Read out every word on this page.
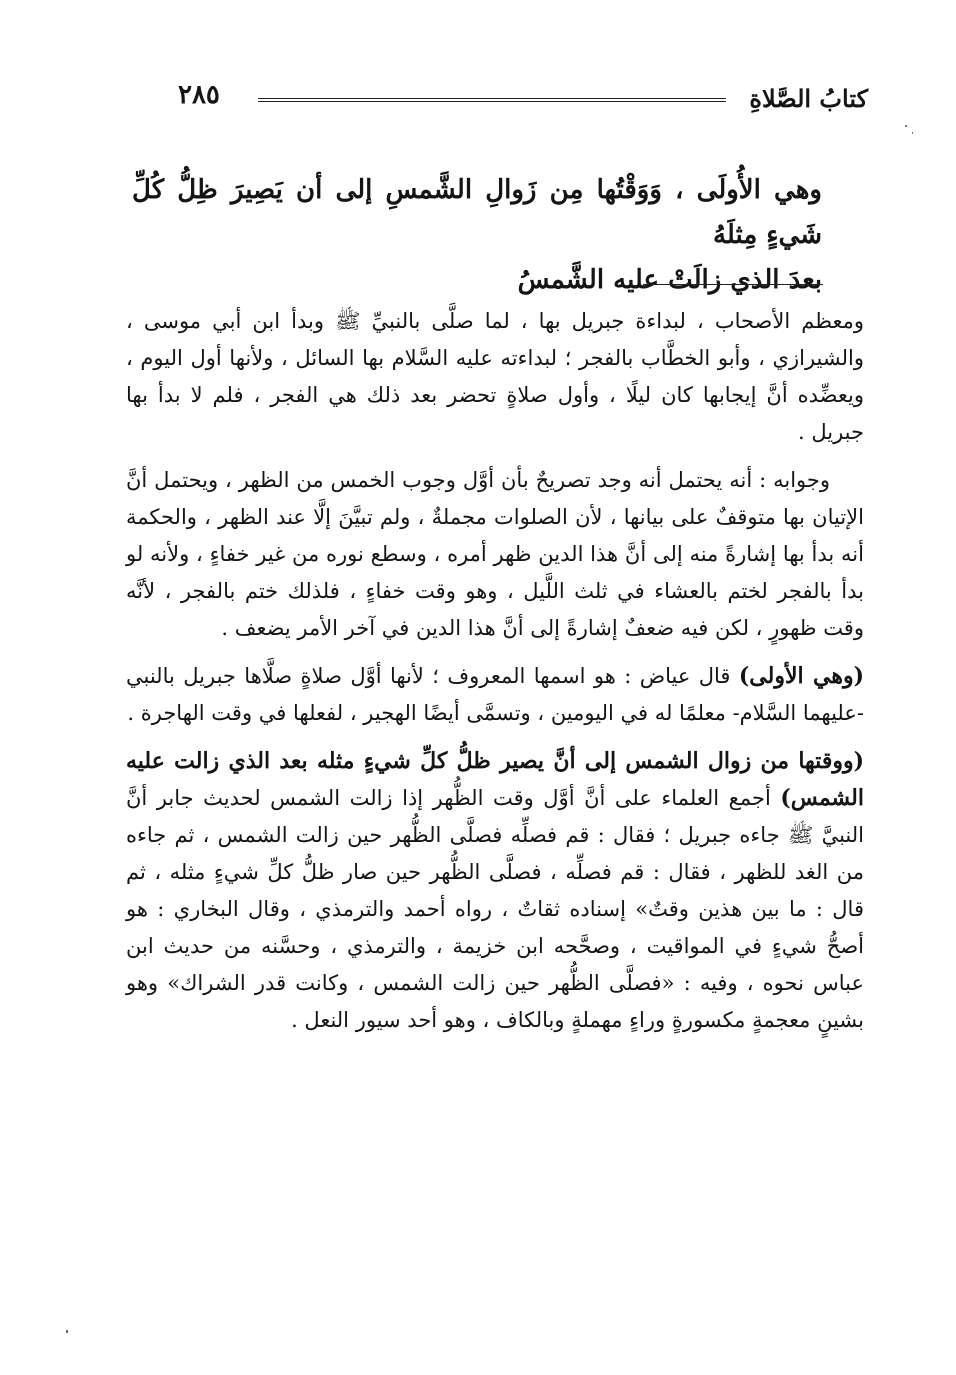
كتابُ الصَّلاةِ
٢٨٥

وهي الأُولَى ، وَوَقْتُها مِن زَوالِ الشَّمسِ إلى أن يَصِيرَ ظِلُّ كُلِّ شَيءٍ مِثلَهُ

بعدَ الذي زالَتْ عليه الشَّمسُ

ومعظم الأصحاب ، لبداءة جبريل بها ، لما صلَّى بالنبيِّ ﷺ وبدأ ابن أبي موسى ، والشيرازي ، وأبو الخطَّاب بالفجر ؛ لبداءته عليه السَّلام بها السائل ، ولأنها أول اليوم ، ويعضِّده أنَّ إيجابها كان ليلًا ، وأول صلاةٍ تحضر بعد ذلك هي الفجر ، فلم لا بدأ بها جبريل .

وجوابه : أنه يحتمل أنه وجد تصريحٌ بأن أوَّل وجوب الخمس من الظهر ، ويحتمل أنَّ الإتيان بها متوقفٌ على بيانها ، لأن الصلوات مجملةٌ ، ولم تبيَّنَ إلَّا عند الظهر ، والحكمة أنه بدأ بها إشارةً منه إلى أنَّ هذا الدين ظهر أمره ، وسطع نوره من غير خفاءٍ ، ولأنه لو بدأ بالفجر لختم بالعشاء في ثلث اللَّيل ، وهو وقت خفاءٍ ، فلذلك ختم بالفجر ، لأنَّه وقت ظهورٍ ، لكن فيه ضعفٌ إشارةً إلى أنَّ هذا الدين في آخر الأمر يضعف .

(وهي الأولى) قال عياض : هو اسمها المعروف ؛ لأنها أوَّل صلاةٍ صلَّاها جبريل بالنبي -عليهما السَّلام- معلمًا له في اليومين ، وتسمَّى أيضًا الهجير ، لفعلها في وقت الهاجرة .

(ووقتها من زوال الشمس إلى أنَّ يصير ظلُّ كلِّ شيءٍ مثله بعد الذي زالت عليه الشمس) أجمع العلماء على أنَّ أوَّل وقت الظُّهر إذا زالت الشمس لحديث جابر أنَّ النبيَّ ﷺ جاءه جبريل ؛ فقال : قم فصلِّه فصلَّى الظُّهر حين زالت الشمس ، ثم جاءه من الغد للظهر ، فقال : قم فصلِّه ، فصلَّى الظُّهر حين صار ظلُّ كلِّ شيءٍ مثله ، ثم قال : ما بين هذين وقتٌ» إسناده ثقاتٌ ، رواه أحمد والترمذي ، وقال البخاري : هو أصحُّ شيءٍ في المواقيت ، وصحَّحه ابن خزيمة ، والترمذي ، وحسَّنه من حديث ابن عباس نحوه ، وفيه : «فصلَّى الظُّهر حين زالت الشمس ، وكانت قدر الشراك» وهو بشينٍ معجمةٍ مكسورةٍ وراءٍ مهملةٍ وبالكاف ، وهو أحد سيور النعل .
